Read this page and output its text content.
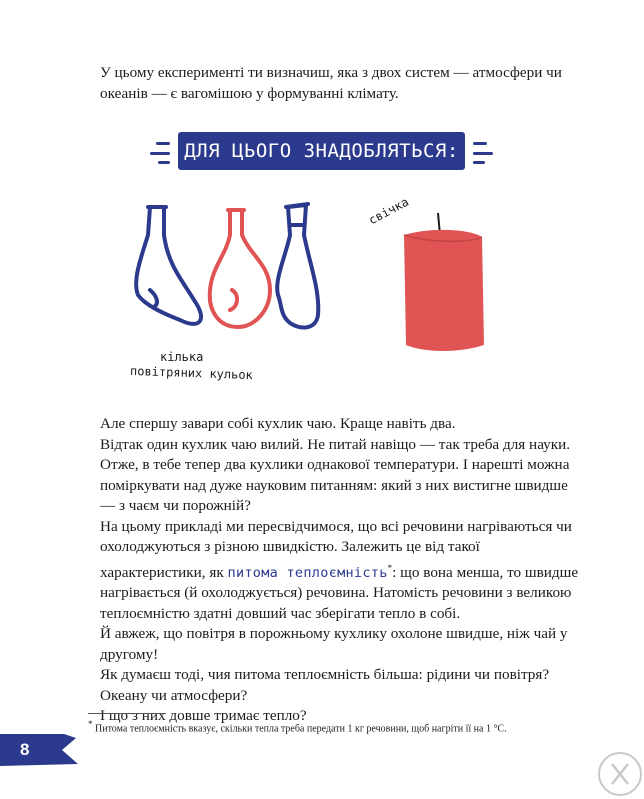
У цьому експерименті ти визначиш, яка з двох систем — атмосфери чи океанів — є вагомішою у формуванні клімату.
ДЛЯ ЦЬОГО ЗНАДОБЛЯТЬСЯ:
кілька
повітряних кульок
свічка

Але спершу завари собі кухлик чаю. Краще навіть два.

Відтак один кухлик чаю вилий. Не питай навіщо — так треба для науки.

Отже, в тебе тепер два кухлики однакової температури. І нарешті можна поміркувати над дуже науковим питанням: який з них вистигне швидше — з чаєм чи порожній?

На цьому прикладі ми пересвідчимося, що всі речовини нагріваються чи охолоджуються з різною швидкістю. Залежить це від такої характеристики, як питома теплоємність*: що вона менша, то швидше нагрівається (й охолоджується) речовина. Натомість речовини з великою теплоємністю здатні довший час зберігати тепло в собі.

Й авжеж, що повітря в порожньому кухлику охолоне швидше, ніж чай у другому!

Як думаєш тоді, чия питома теплоємність більша: рідини чи повітря?

Океану чи атмосфери?

І що з них довше тримає тепло?

* Питома теплоємність вказує, скільки тепла треба передати 1 кг речовини, щоб нагріти її на 1 °С.
8
